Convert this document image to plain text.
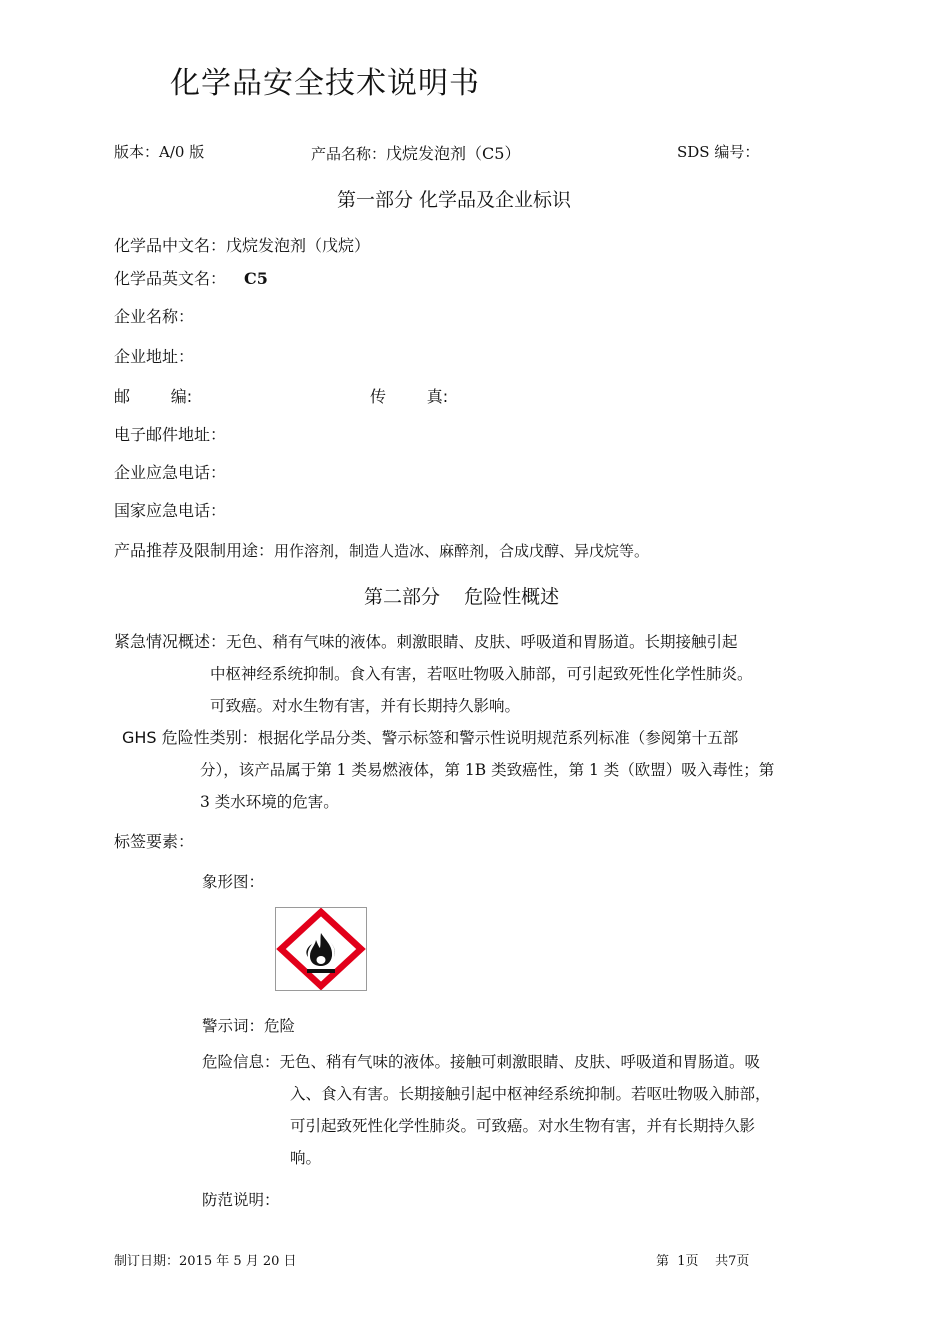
化学品安全技术说明书
版本：A/0 版	产品名称：戊烷发泡剂（C5）	SDS 编号：
第一部分 化学品及企业标识
化学品中文名：戊烷发泡剂（戊烷）
化学品英文名： C5
企业名称：
企业地址：
邮        编:	传        真:
电子邮件地址：
企业应急电话：
国家应急电话：
产品推荐及限制用途：用作溶剂，制造人造冰、麻醉剂，合成戊醇、异戊烷等。
第二部分    危险性概述
紧急情况概述：无色、稍有气味的液体。刺激眼睛、皮肤、呼吸道和胃肠道。长期接触引起
中枢神经系统抑制。食入有害，若呕吐物吸入肺部，可引起致死性化学性肺炎。
可致癌。对水生物有害，并有长期持久影响。
GHS 危险性类别：根据化学品分类、警示标签和警示性说明规范系列标准（参阅第十五部
分），该产品属于第 1 类易燃液体，第 1B 类致癌性，第 1 类（欧盟）吸入毒性；第
3 类水环境的危害。
标签要素：
象形图：
警示词：危险
危险信息：无色、稍有气味的液体。接触可刺激眼睛、皮肤、呼吸道和胃肠道。吸
入、食入有害。长期接触引起中枢神经系统抑制。若呕吐物吸入肺部，
可引起致死性化学性肺炎。可致癌。对水生物有害，并有长期持久影
响。
防范说明：
制订日期：2015 年 5 月 20 日	第  1页    共7页
